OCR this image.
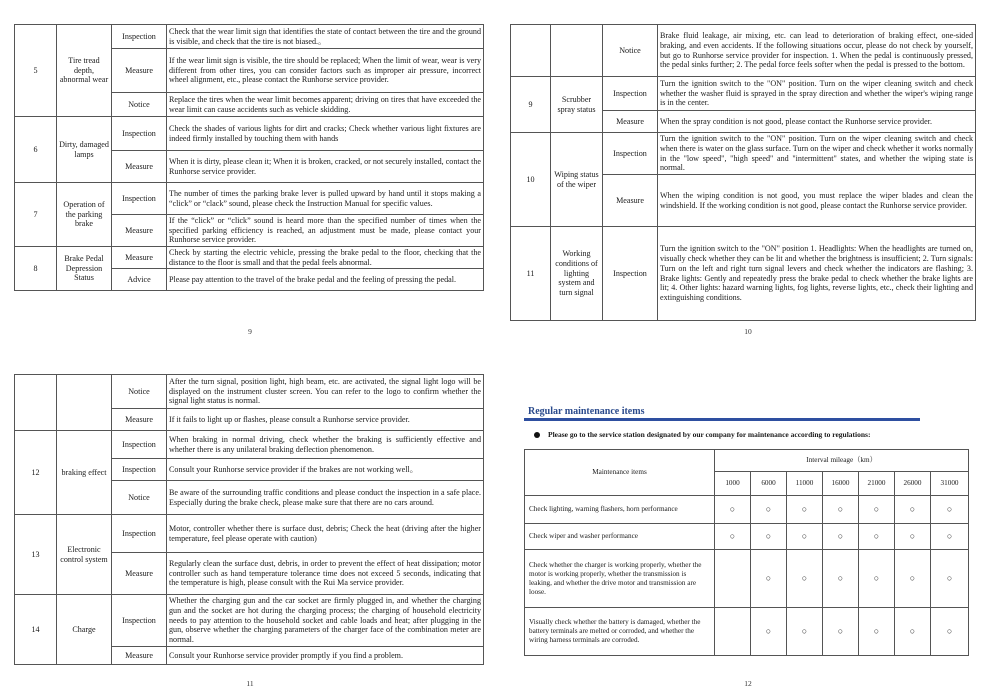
5	Tire tread depth, abnormal wear	Inspection	Check that the wear limit sign that identifies the state of contact between the tire and the ground is visible, and check that the tire is not biased.。
		Measure	If the wear limit sign is visible, the tire should be replaced; When the limit of wear, wear is very different from other tires, you can consider factors such as improper air pressure, incorrect wheel alignment, etc., please contact the Runhorse service provider.
		Notice	Replace the tires when the wear limit becomes apparent; driving on tires that have exceeded the wear limit can cause accidents such as vehicle skidding.
6	Dirty, damaged lamps	Inspection	Check the shades of various lights for dirt and cracks; Check whether various light fixtures are indeed firmly installed by touching them with hands
		Measure	When it is dirty, please clean it; When it is broken, cracked, or not securely installed, contact the Runhorse service provider.
7	Operation of the parking brake	Inspection	The number of times the parking brake lever is pulled upward by hand until it stops making a “click” or “clack” sound, please check the Instruction Manual for specific values.
		Measure	If the “click” or “click” sound is heard more than the specified number of times when the specified parking efficiency is reached, an adjustment must be made, please contact your Runhorse service provider.
8	Brake Pedal Depression Status	Measure	Check by starting the electric vehicle, pressing the brake pedal to the floor, checking that the distance to the floor is small and that the pedal feels abnormal.
		Advice	Please pay attention to the travel of the brake pedal and the feeling of pressing the pedal.
9
		Notice	Brake fluid leakage, air mixing, etc. can lead to deterioration of braking effect, one-sided braking, and even accidents. If the following situations occur, please do not check by yourself, but go to Runhorse service provider for inspection. 1. When the pedal is continuously pressed, the pedal sinks further; 2. The pedal force feels softer when the pedal is pressed to the bottom.
9	Scrubber spray status	Inspection	Turn the ignition switch to the "ON" position. Turn on the wiper cleaning switch and check whether the washer fluid is sprayed in the spray direction and whether the wiper's wiping range is in the center.
		Measure	When the spray condition is not good, please contact the Runhorse service provider.
10	Wiping status of the wiper	Inspection	Turn the ignition switch to the "ON" position. Turn on the wiper cleaning switch and check when there is water on the glass surface. Turn on the wiper and check whether it works normally in the "low speed", "high speed" and "intermittent" states, and whether the wiping state is normal.
		Measure	When the wiping condition is not good, you must replace the wiper blades and clean the windshield. If the working condition is not good, please contact the Runhorse service provider.
11	Working conditions of lighting system and turn signal	Inspection	Turn the ignition switch to the "ON" position 1. Headlights: When the headlights are turned on, visually check whether they can be lit and whether the brightness is insufficient; 2. Turn signals: Turn on the left and right turn signal levers and check whether the indicators are flashing; 3. Brake lights: Gently and repeatedly press the brake pedal to check whether the brake lights are lit; 4. Other lights: hazard warning lights, fog lights, reverse lights, etc., check their lighting and extinguishing conditions.
10
		Notice	After the turn signal, position light, high beam, etc. are activated, the signal light logo will be displayed on the instrument cluster screen. You can refer to the logo to confirm whether the signal light status is normal.
		Measure	If it fails to light up or flashes, please consult a Runhorse service provider.
12	braking effect	Inspection	When braking in normal driving, check whether the braking is sufficiently effective and whether there is any unilateral braking deflection phenomenon.
		Inspection	Consult your Runhorse service provider if the brakes are not working well。
		Notice	Be aware of the surrounding traffic conditions and please conduct the inspection in a safe place. Especially during the brake check, please make sure that there are no cars around.
13	Electronic control system	Inspection	Motor, controller whether there is surface dust, debris; Check the heat (driving after the higher temperature, feel please operate with caution)
		Measure	Regularly clean the surface dust, debris, in order to prevent the effect of heat dissipation; motor controller such as hand temperature tolerance time does not exceed 5 seconds, indicating that the temperature is high, please consult with the Rui Ma service provider.
14	Charge	Inspection	Whether the charging gun and the car socket are firmly plugged in, and whether the charging gun and the socket are hot during the charging process; the charging of household electricity needs to pay attention to the household socket and cable loads and heat; after plugging in the gun, observe whether the charging parameters of the charger face of the combination meter are normal.
		Measure	Consult your Runhorse service provider promptly if you find a problem.
11
Regular maintenance items
Please go to the service station designated by our company for maintenance according to regulations:
Maintenance items	Interval mileage（km）						
	1000	6000	11000	16000	21000	26000	31000
Check lighting, warning flashers, horn performance	○	○	○	○	○	○	○
Check wiper and washer performance	○	○	○	○	○	○	○
Check whether the charger is working properly, whether the motor is working properly, whether the transmission is leaking, and whether the drive motor and transmission are loose.		○	○	○	○	○	○
Visually check whether the battery is damaged, whether the battery terminals are melted or corroded, and whether the wiring harness terminals are corroded.		○	○	○	○	○	○
12
